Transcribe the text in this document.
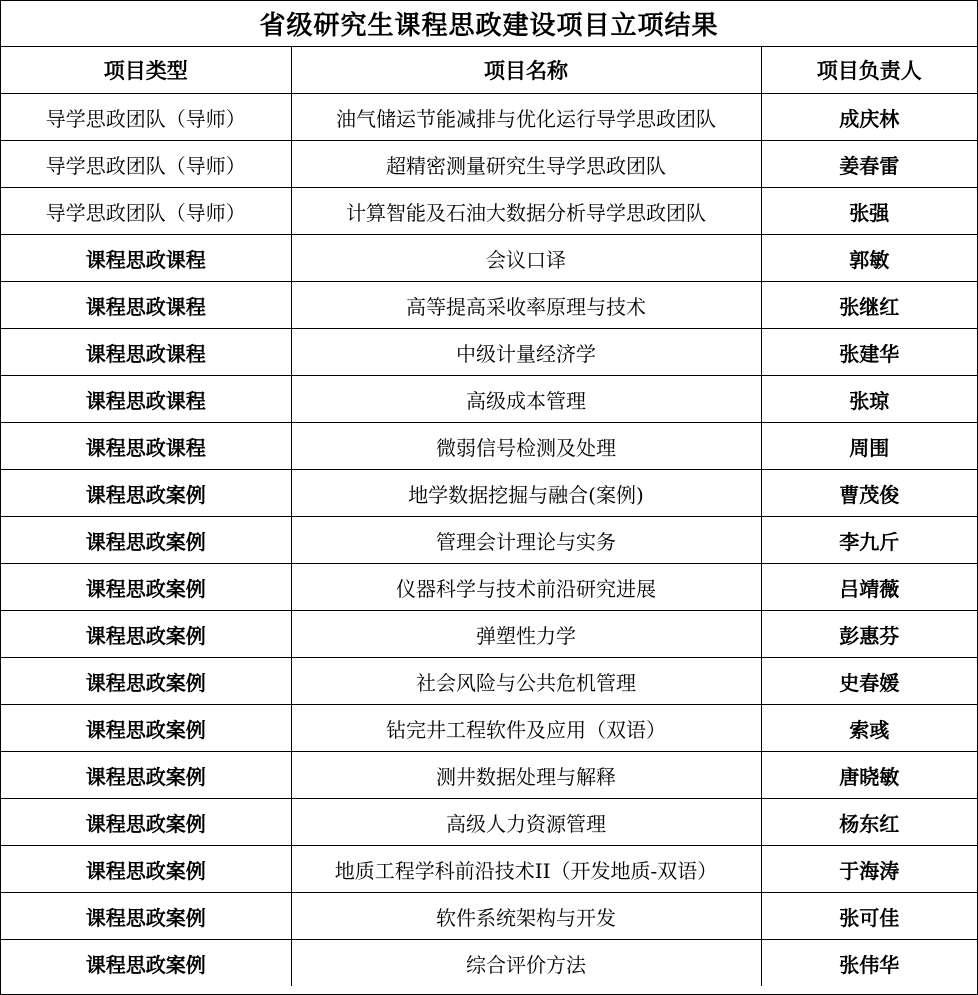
省级研究生课程思政建设项目立项结果		
项目类型	项目名称	项目负责人
导学思政团队（导师）	油气储运节能减排与优化运行导学思政团队	成庆林
导学思政团队（导师）	超精密测量研究生导学思政团队	姜春雷
导学思政团队（导师）	计算智能及石油大数据分析导学思政团队	张强
课程思政课程	会议口译	郭敏
课程思政课程	高等提高采收率原理与技术	张继红
课程思政课程	中级计量经济学	张建华
课程思政课程	高级成本管理	张琼
课程思政课程	微弱信号检测及处理	周围
课程思政案例	地学数据挖掘与融合(案例)	曹茂俊
课程思政案例	管理会计理论与实务	李九斤
课程思政案例	仪器科学与技术前沿研究进展	吕靖薇
课程思政案例	弹塑性力学	彭惠芬
课程思政案例	社会风险与公共危机管理	史春媛
课程思政案例	钻完井工程软件及应用（双语）	索彧
课程思政案例	测井数据处理与解释	唐晓敏
课程思政案例	高级人力资源管理	杨东红
课程思政案例	地质工程学科前沿技术II（开发地质-双语）	于海涛
课程思政案例	软件系统架构与开发	张可佳
课程思政案例	综合评价方法	张伟华
